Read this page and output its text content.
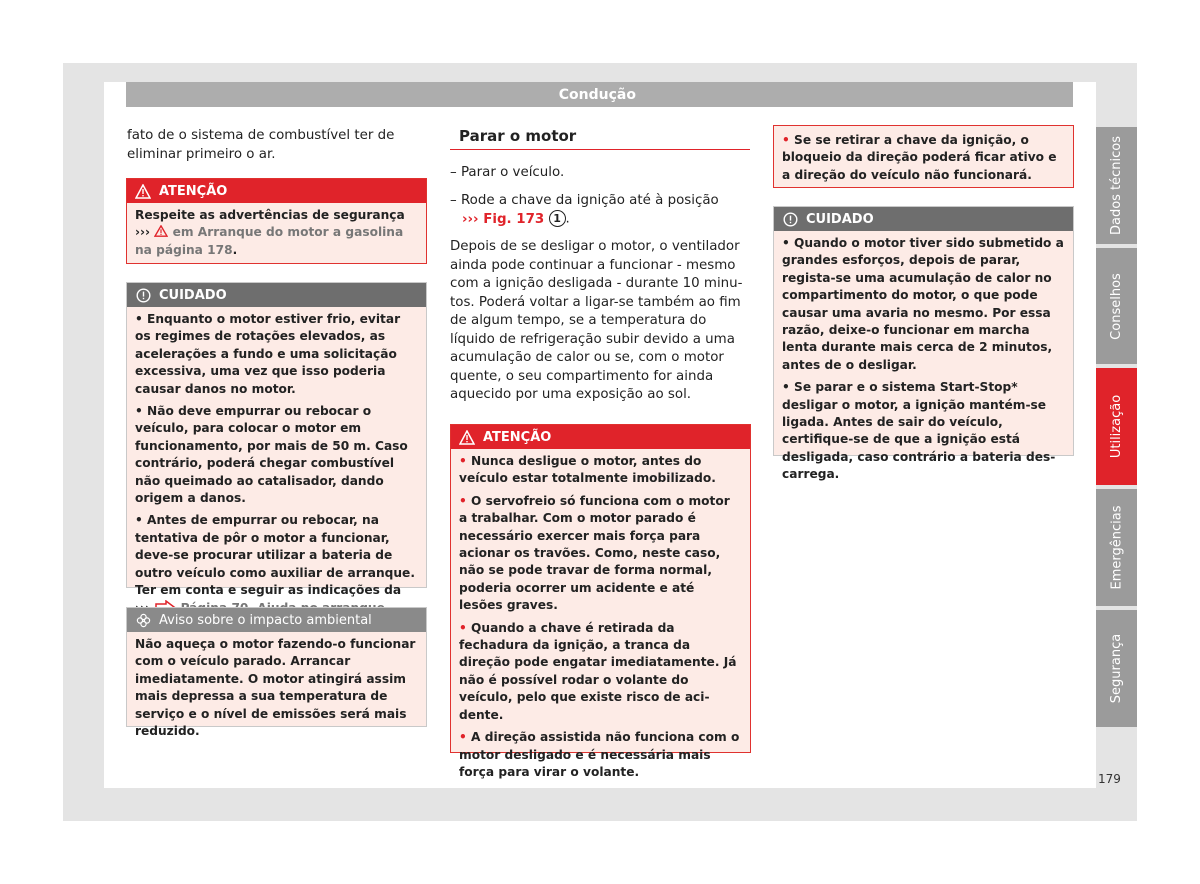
Condução

fato de o sistema de combustível ter de eliminar primeiro o ar.

ATENÇÃO
Respeite as advertências de segurança ››› em Arranque do motor a gasolina na página 178.
CUIDADO

• Enquanto o motor estiver frio, evitar os regimes de rotações elevados, as acelerações a fundo e uma solicitação excessiva, uma vez que isso poderia causar danos no motor.

• Não deve empurrar ou rebocar o veículo, para colocar o motor em funcionamento, por mais de 50 m. Caso contrário, poderá chegar combustível não queimado ao catalisador, dando origem a danos.

• Antes de empurrar ou rebocar, na tentativa de pôr o motor a funcionar, deve-se procurar utilizar a bateria de outro veículo como auxiliar de arranque. Ter em conta e seguir as indicações da

Aviso sobre o impacto ambiental

Não aqueça o motor fazendo-o funcionar com o veículo parado. Arrancar imediatamente. O motor atingirá assim mais depressa a sua temperatura de serviço e o nível de emissões será mais reduzido.

Parar o motor

– Parar o veículo.

– Rode a chave da ignição até à posição
››› Fig. 173 1 .

Depois de se desligar o motor, o ventilador ainda pode continuar a funcionar - mesmo com a ignição desligada - durante 10 minutos. Poderá voltar a ligar-se também ao fim de algum tempo, se a temperatura do líquido de refrigeração subir devido a uma acumulação de calor ou se, com o motor quente, o seu compartimento for ainda aquecido por uma exposição ao sol.

ATENÇÃO

• Nunca desligue o motor, antes do veículo estar totalmente imobilizado.

• O servofreio só funciona com o motor a trabalhar. Com o motor parado é necessário exercer mais força para acionar os travões. Como, neste caso, não se pode travar de forma normal, poderia ocorrer um acidente e até lesões graves.

• Quando a chave é retirada da fechadura da ignição, a tranca da direção pode engatar imediatamente. Já não é possível rodar o volante do veículo, pelo que existe risco de acidente.

• A direção assistida não funciona com o motor desligado e é necessária mais força para virar o volante.

• Se se retirar a chave da ignição, o bloqueio da direção poderá ficar ativo e a direção do veículo não funcionará.

CUIDADO

• Quando o motor tiver sido submetido a grandes esforços, depois de parar, regista-se uma acumulação de calor no compartimento do motor, o que pode causar uma avaria no mesmo. Por essa razão, deixe-o funcionar em marcha lenta durante mais cerca de 2 minutos, antes de o desligar.

• Se parar e o sistema Start-Stop* desligar o motor, a ignição mantém-se ligada. Antes de sair do veículo, certifique-se de que a ignição está desligada, caso contrário a bateria descarrega.

Dados técnicos
Conselhos
Utilização
Emergências
Segurança
179
